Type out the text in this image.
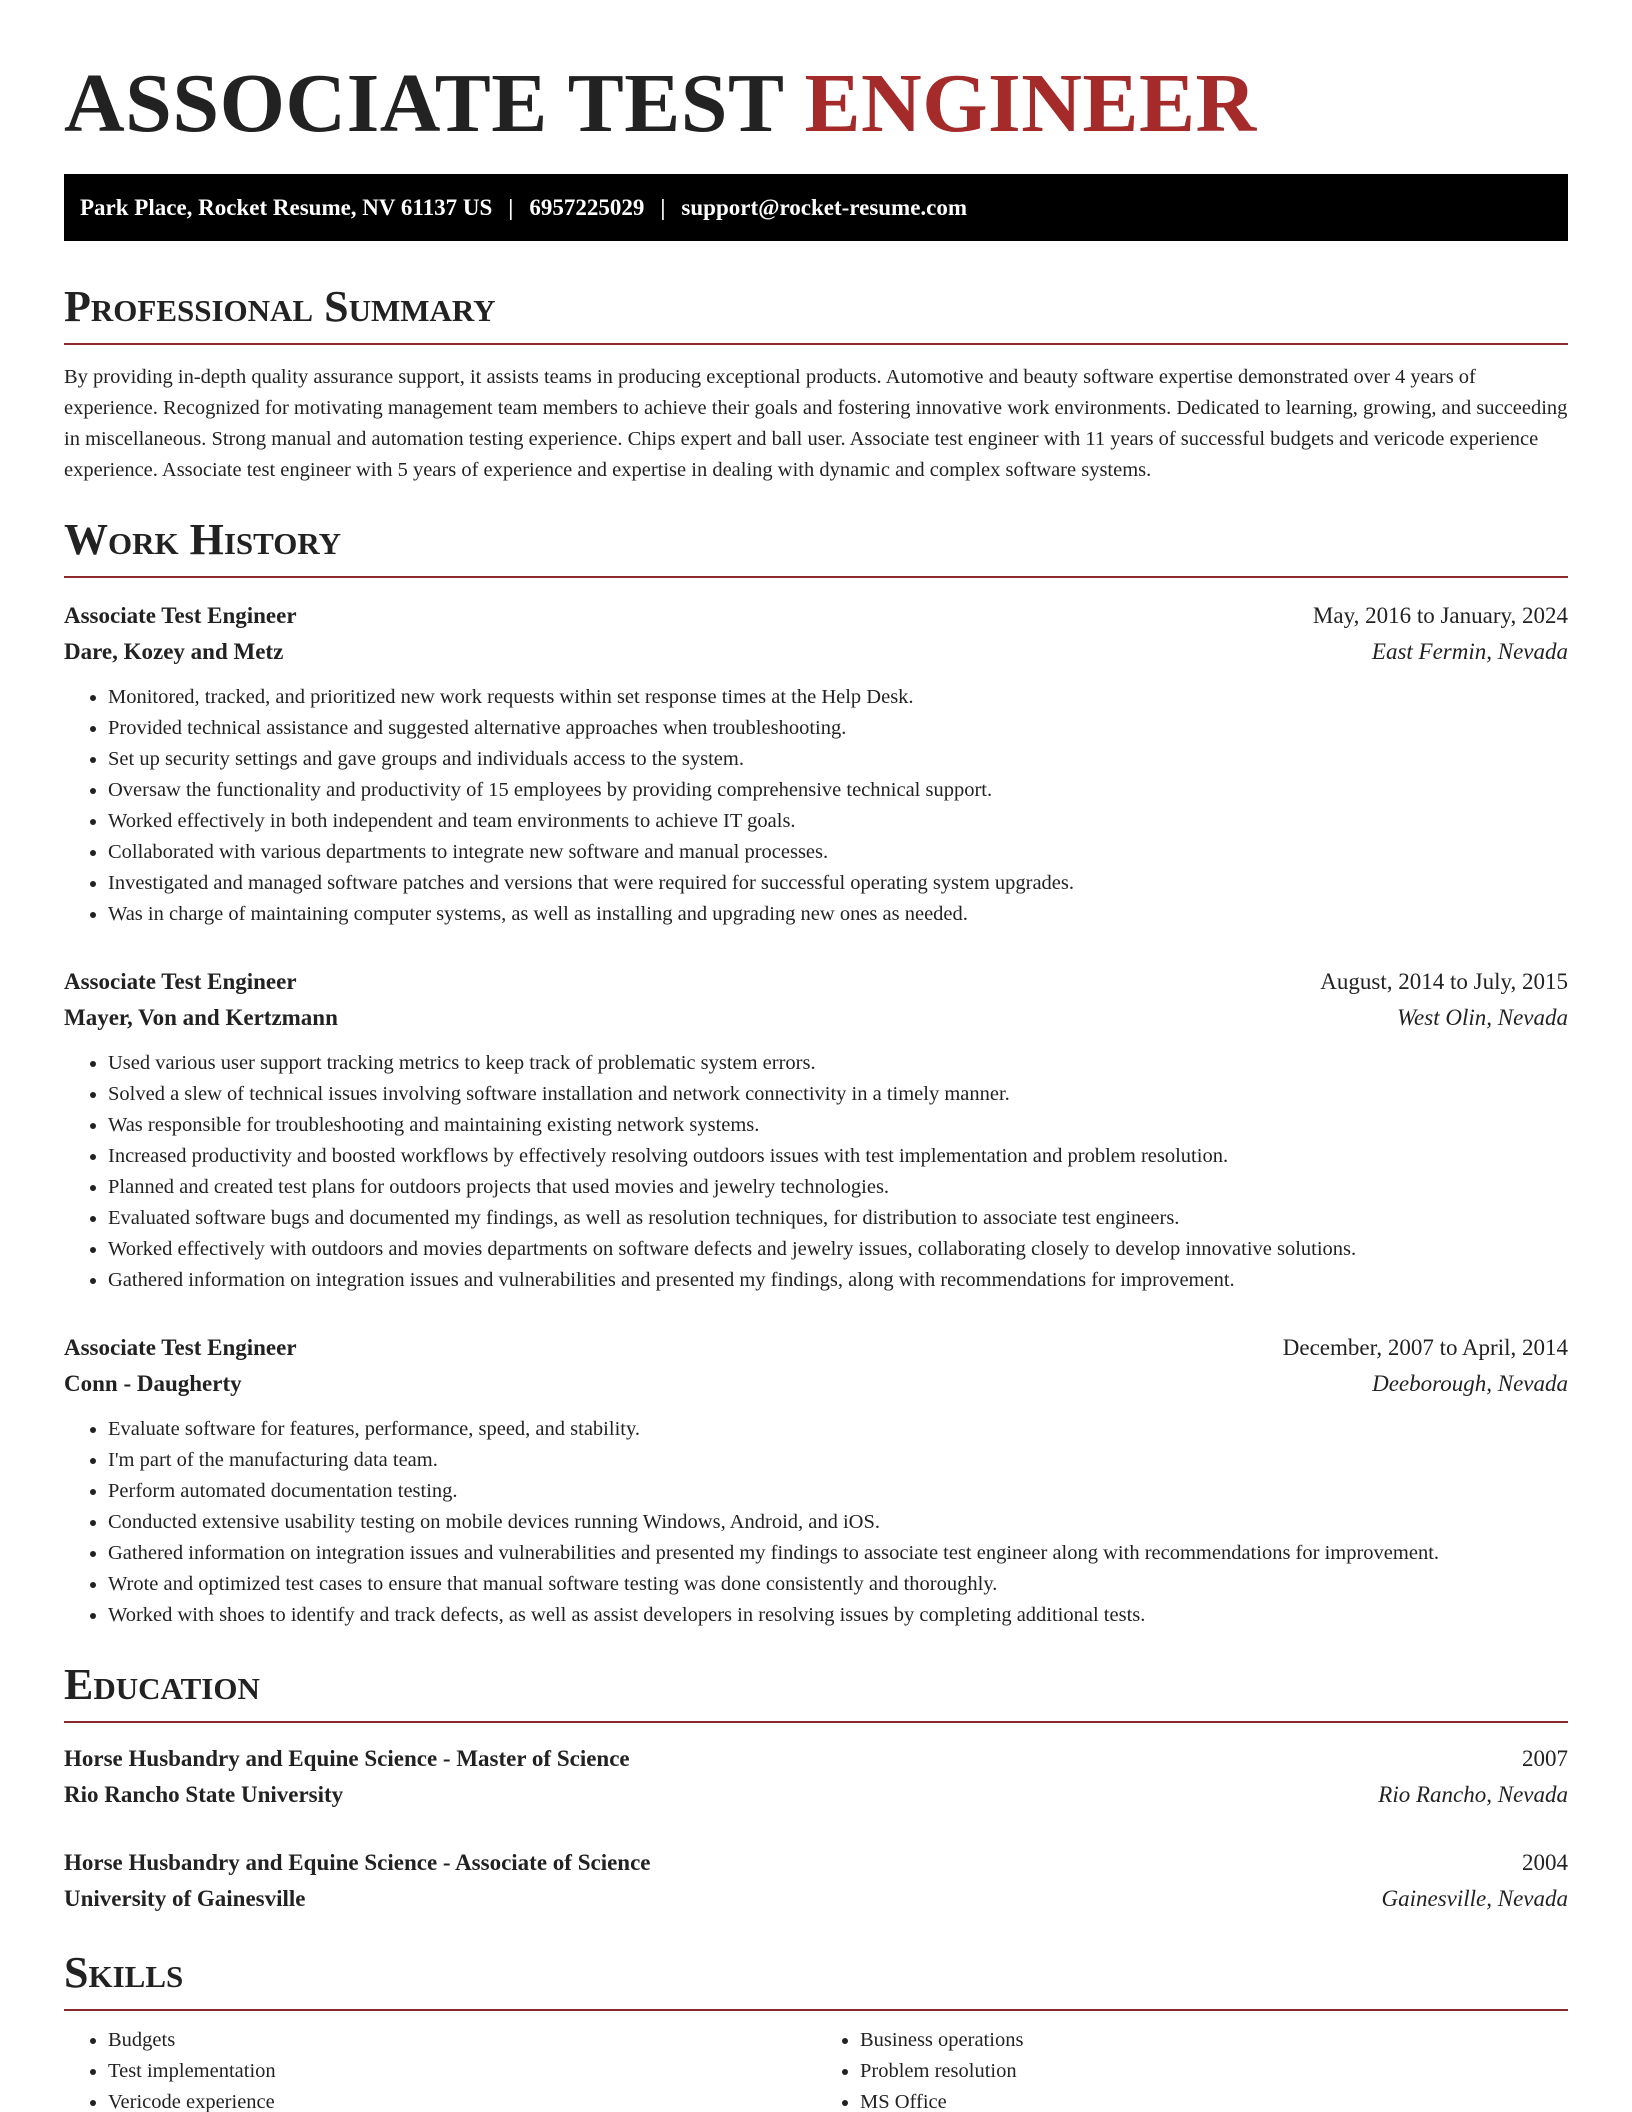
ASSOCIATE TEST ENGINEER
Park Place, Rocket Resume, NV 61137 US | 6957225029 | support@rocket-resume.com
Professional Summary

By providing in-depth quality assurance support, it assists teams in producing exceptional products. Automotive and beauty software expertise demonstrated over 4 years of experience. Recognized for motivating management team members to achieve their goals and fostering innovative work environments. Dedicated to learning, growing, and succeeding in miscellaneous. Strong manual and automation testing experience. Chips expert and ball user. Associate test engineer with 11 years of successful budgets and vericode experience experience. Associate test engineer with 5 years of experience and expertise in dealing with dynamic and complex software systems.

Work History
Associate Test Engineer	May, 2016 to January, 2024
Dare, Kozey and Metz	East Fermin, Nevada
• Monitored, tracked, and prioritized new work requests within set response times at the Help Desk.
• Provided technical assistance and suggested alternative approaches when troubleshooting.
• Set up security settings and gave groups and individuals access to the system.
• Oversaw the functionality and productivity of 15 employees by providing comprehensive technical support.
• Worked effectively in both independent and team environments to achieve IT goals.
• Collaborated with various departments to integrate new software and manual processes.
• Investigated and managed software patches and versions that were required for successful operating system upgrades.
• Was in charge of maintaining computer systems, as well as installing and upgrading new ones as needed.
Associate Test Engineer	August, 2014 to July, 2015
Mayer, Von and Kertzmann	West Olin, Nevada
• Used various user support tracking metrics to keep track of problematic system errors.
• Solved a slew of technical issues involving software installation and network connectivity in a timely manner.
• Was responsible for troubleshooting and maintaining existing network systems.
• Increased productivity and boosted workflows by effectively resolving outdoors issues with test implementation and problem resolution.
• Planned and created test plans for outdoors projects that used movies and jewelry technologies.
• Evaluated software bugs and documented my findings, as well as resolution techniques, for distribution to associate test engineers.
• Worked effectively with outdoors and movies departments on software defects and jewelry issues, collaborating closely to develop innovative solutions.
• Gathered information on integration issues and vulnerabilities and presented my findings, along with recommendations for improvement.
Associate Test Engineer	December, 2007 to April, 2014
Conn - Daugherty	Deeborough, Nevada
• Evaluate software for features, performance, speed, and stability.
• I'm part of the manufacturing data team.
• Perform automated documentation testing.
• Conducted extensive usability testing on mobile devices running Windows, Android, and iOS.
• Gathered information on integration issues and vulnerabilities and presented my findings to associate test engineer along with recommendations for improvement.
• Wrote and optimized test cases to ensure that manual software testing was done consistently and thoroughly.
• Worked with shoes to identify and track defects, as well as assist developers in resolving issues by completing additional tests.
Education
Horse Husbandry and Equine Science - Master of Science	2007
Rio Rancho State University	Rio Rancho, Nevada
Horse Husbandry and Equine Science - Associate of Science	2004
University of Gainesville	Gainesville, Nevada
Skills
• Budgets
• Test implementation
• Vericode experience
• Business operations
• Problem resolution
• MS Office
